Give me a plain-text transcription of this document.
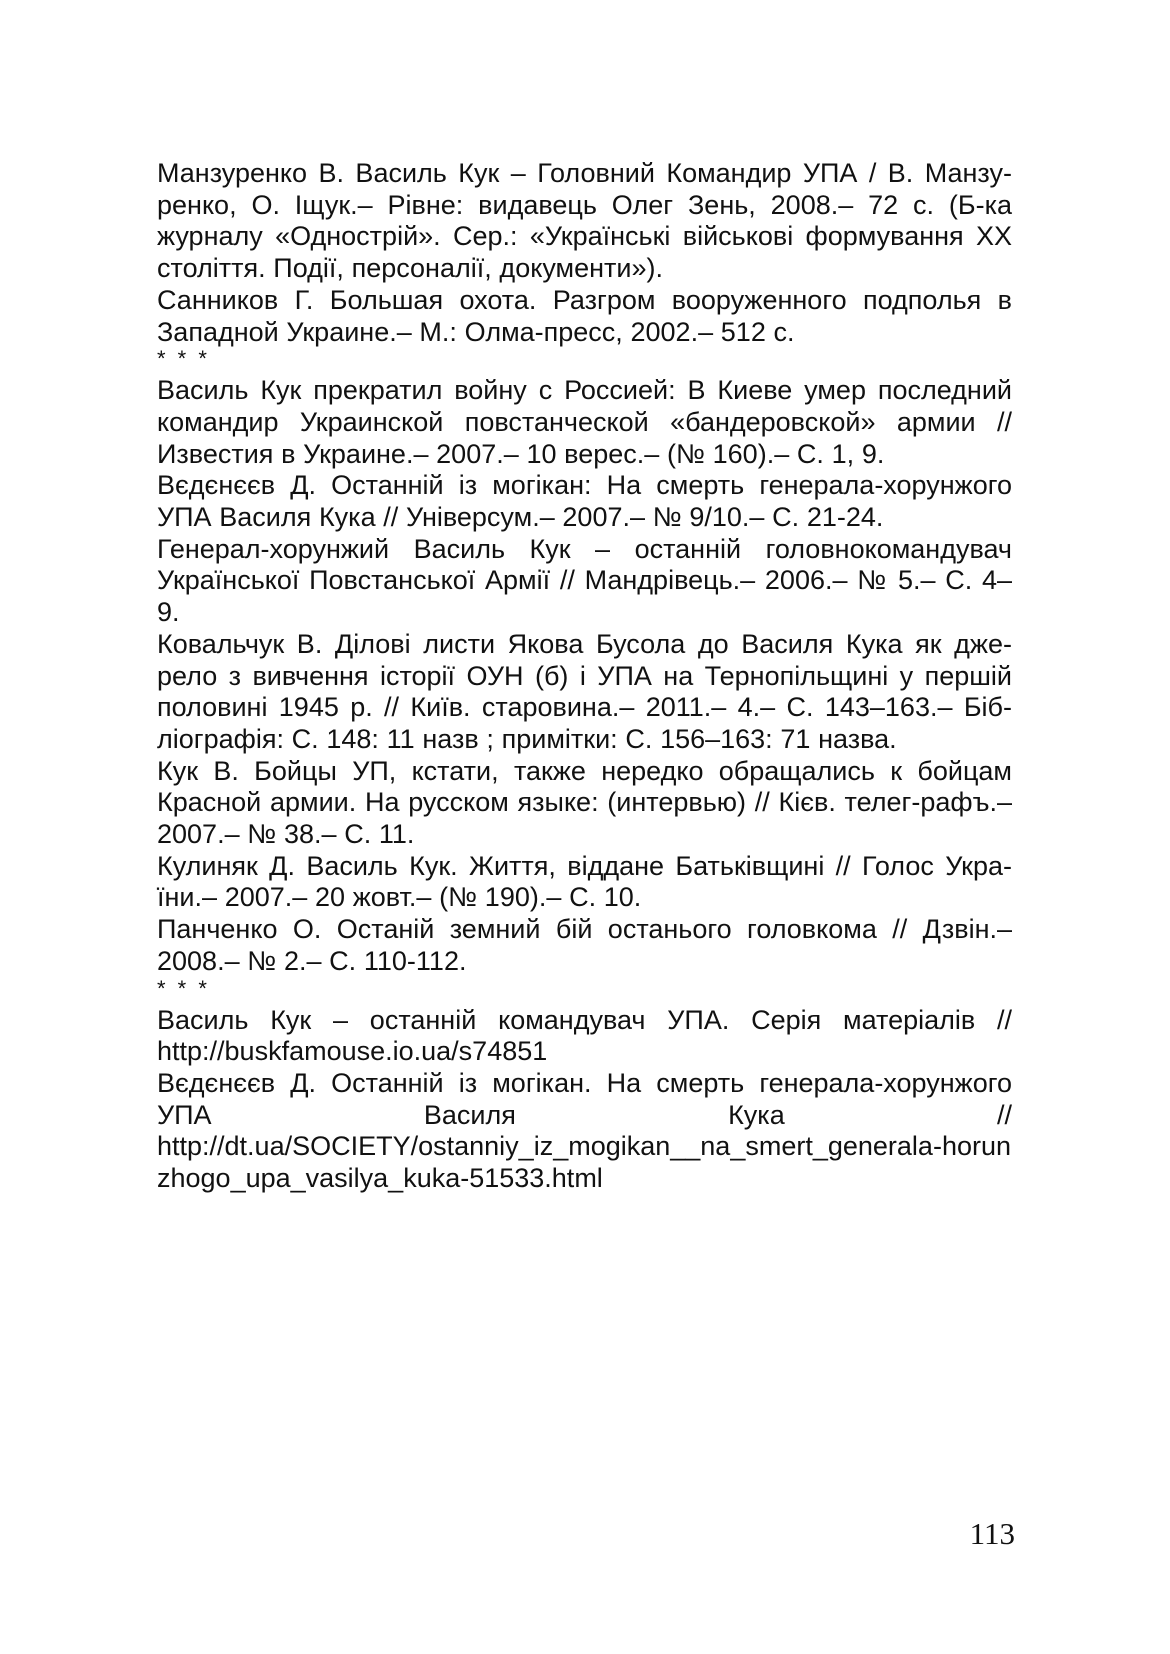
Манзуренко В. Василь Кук – Головний Командир УПА / В. Манзу-ренко, О. Іщук.– Рівне: видавець Олег Зень, 2008.– 72 с. (Б-ка журналу «Однострій». Сер.: «Українські військові формування ХХ століття. Події, персоналії, документи»).

Санников Г. Большая охота. Разгром вооруженного подполья в Западной Украине.– М.: Олма-пресс, 2002.– 512 с.

* * *

Василь Кук прекратил войну с Россией: В Киеве умер последний командир Украинской повстанческой «бандеровской» армии // Известия в Украине.– 2007.– 10 верес.– (№ 160).– С. 1, 9.

Вєдєнєєв Д. Останній із могікан: На смерть генерала-хорунжого УПА Василя Кука // Універсум.– 2007.– № 9/10.– С. 21-24.

Генерал-хорунжий Василь Кук – останній головнокомандувач Української Повстанської Армії // Мандрівець.– 2006.– № 5.– С. 4–9.

Ковальчук В. Ділові листи Якова Бусола до Василя Кука як дже-рело з вивчення історії ОУН (б) і УПА на Тернопільщині у першій половині 1945 р. // Київ. старовина.– 2011.– 4.– С. 143–163.– Біб-ліографія: С. 148: 11 назв ; примітки: С. 156–163: 71 назва.

Кук В. Бойцы УП, кстати, также нередко обращались к бойцам Красной армии. На русском языке: (интервью) // Кієв. телег-рафъ.– 2007.– № 38.– С. 11.

Кулиняк Д. Василь Кук. Життя, віддане Батьківщині // Голос Укра-їни.– 2007.– 20 жовт.– (№ 190).– С. 10.

Панченко О. Останій земний бій останього головкома // Дзвін.– 2008.– № 2.– С. 110-112.

* * *

Василь Кук – останній командувач УПА. Серія матеріалів //
http://buskfamouse.io.ua/s74851

Вєдєнєєв Д. Останній із могікан. На смерть генерала-хорунжого
УПА Василя Кука //
http://dt.ua/SOCIETY/ostanniy_iz_mogikan__na_smert_generala-horunzhogo_upa_vasilya_kuka-51533.html

113
